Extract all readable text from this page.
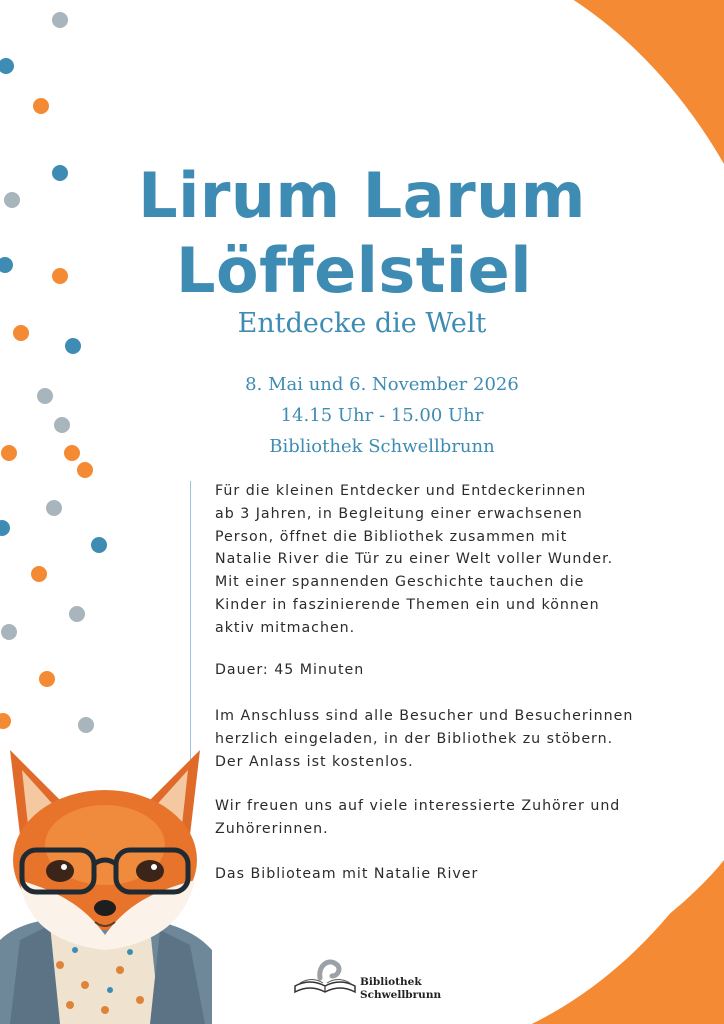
Lirum Larum
Löffelstiel
Entdecke die Welt
8. Mai und 6. November 2026
14.15 Uhr - 15.00 Uhr
Bibliothek Schwellbrunn
Für die kleinen Entdecker und Entdeckerinnen
ab 3 Jahren, in Begleitung einer erwachsenen
Person, öffnet die Bibliothek zusammen mit
Natalie River die Tür zu einer Welt voller Wunder.
Mit einer spannenden Geschichte tauchen die
Kinder in faszinierende Themen ein und können
aktiv mitmachen.
Dauer: 45 Minuten
Im Anschluss sind alle Besucher und Besucherinnen
herzlich eingeladen, in der Bibliothek zu stöbern.
Der Anlass ist kostenlos.
Wir freuen uns auf viele interessierte Zuhörer und
Zuhörerinnen.
Das Biblioteam mit Natalie River
Bibliothek
Schwellbrunn
